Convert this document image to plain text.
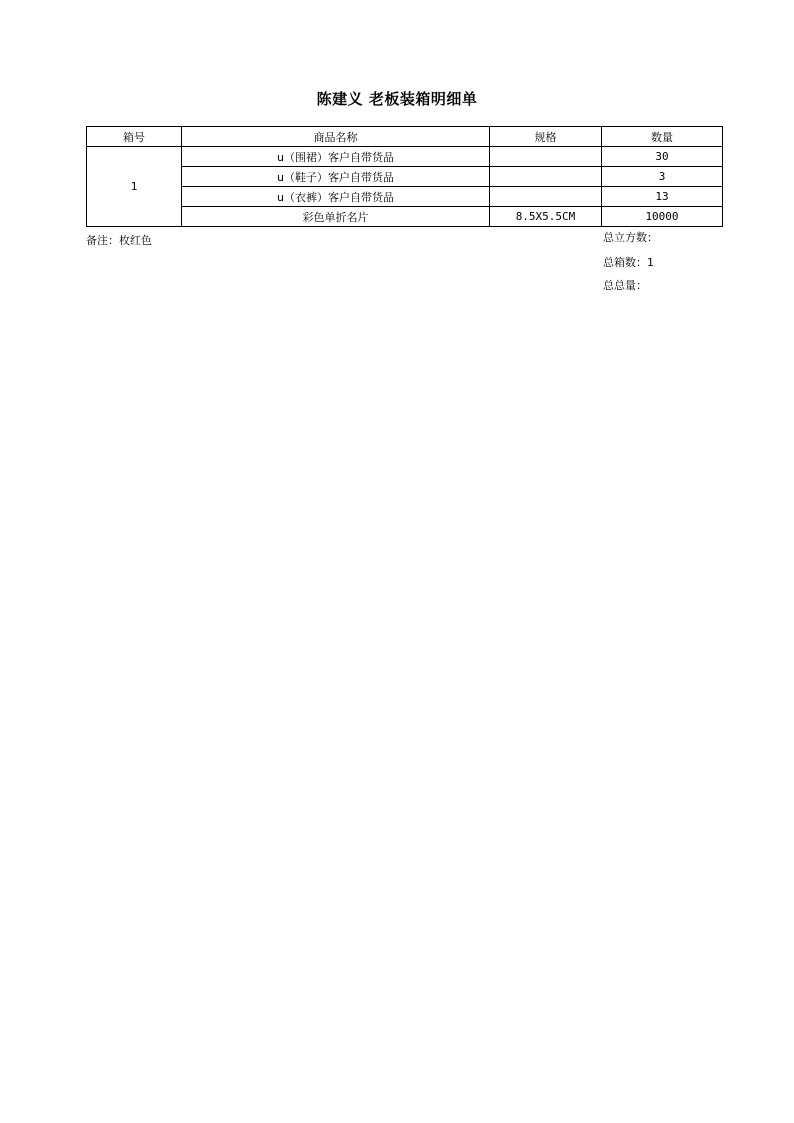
陈建义 老板装箱明细单
箱号	商品名称	规格	数量
1	u（围裙）客户自带货品		30
	u（鞋子）客户自带货品		3
	u（衣裤）客户自带货品		13
	彩色单折名片	8.5X5.5CM	10000
备注：枚红色	总立方数：
总箱数：1
总总量：
